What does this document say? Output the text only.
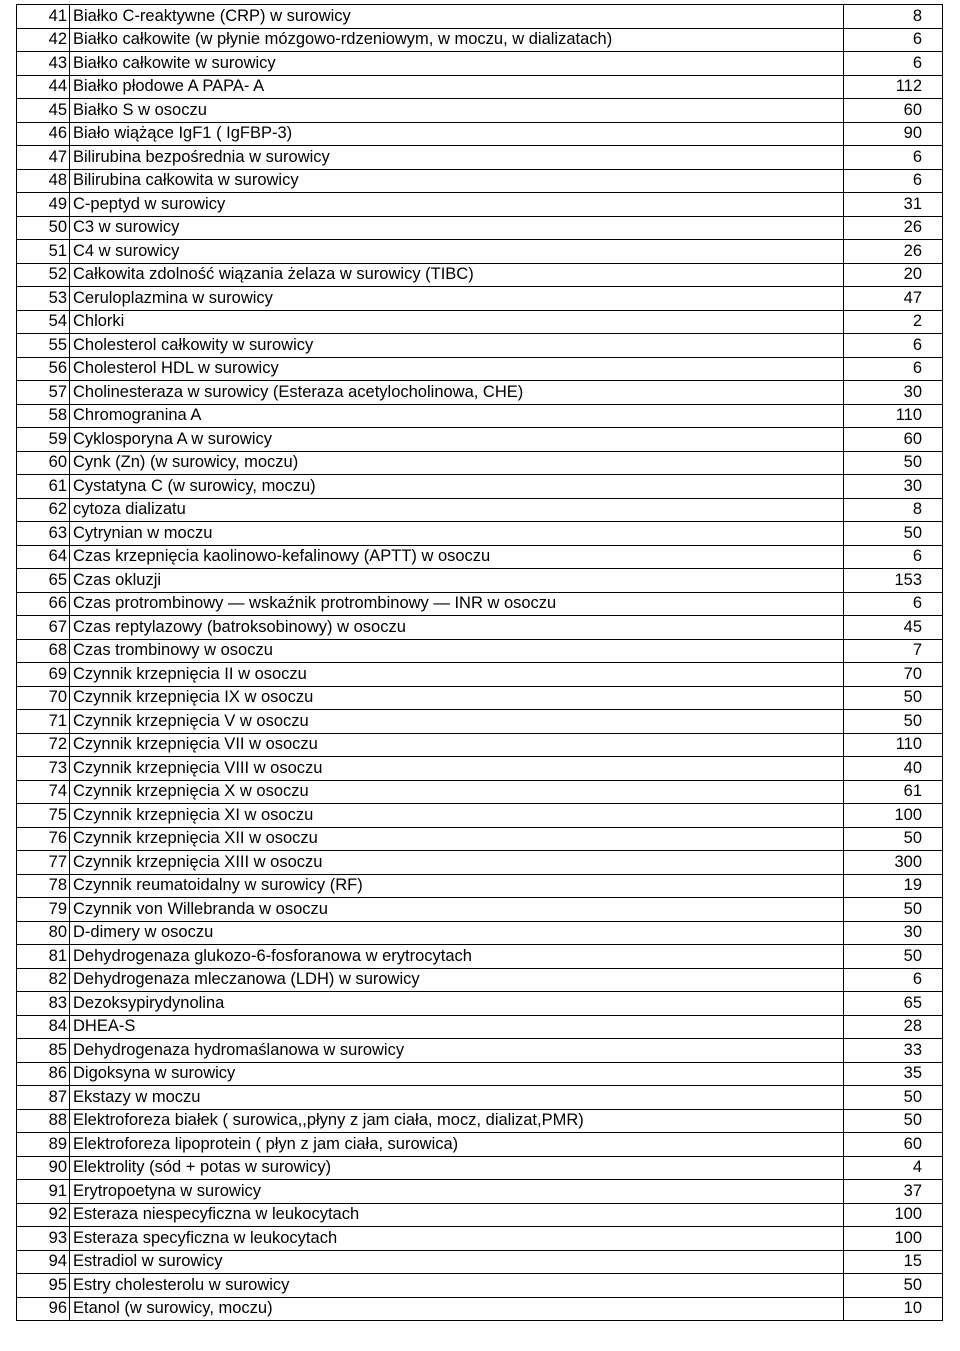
41	Białko C-reaktywne (CRP) w surowicy	8
42	Białko całkowite (w płynie mózgowo-rdzeniowym, w moczu, w dializatach)	6
43	Białko całkowite w surowicy	6
44	Białko płodowe A PAPA- A	112
45	Białko S w osoczu	60
46	Biało wiążące IgF1 ( IgFBP-3)	90
47	Bilirubina bezpośrednia w surowicy	6
48	Bilirubina całkowita w surowicy	6
49	C-peptyd w surowicy	31
50	C3 w surowicy	26
51	C4 w surowicy	26
52	Całkowita zdolność wiązania żelaza w surowicy (TIBC)	20
53	Ceruloplazmina w surowicy	47
54	Chlorki	2
55	Cholesterol całkowity w surowicy	6
56	Cholesterol HDL w surowicy	6
57	Cholinesteraza w surowicy (Esteraza acetylocholinowa, CHE)	30
58	Chromogranina A	110
59	Cyklosporyna A w surowicy	60
60	Cynk (Zn) (w surowicy, moczu)	50
61	Cystatyna C (w surowicy, moczu)	30
62	cytoza dializatu	8
63	Cytrynian w moczu	50
64	Czas krzepnięcia kaolinowo-kefalinowy (APTT) w osoczu	6
65	Czas okluzji	153
66	Czas protrombinowy — wskaźnik protrombinowy — INR w osoczu	6
67	Czas reptylazowy (batroksobinowy) w osoczu	45
68	Czas trombinowy w osoczu	7
69	Czynnik krzepnięcia II w osoczu	70
70	Czynnik krzepnięcia IX w osoczu	50
71	Czynnik krzepnięcia V w osoczu	50
72	Czynnik krzepnięcia VII w osoczu	110
73	Czynnik krzepnięcia VIII w osoczu	40
74	Czynnik krzepnięcia X w osoczu	61
75	Czynnik krzepnięcia XI w osoczu	100
76	Czynnik krzepnięcia XII w osoczu	50
77	Czynnik krzepnięcia XIII w osoczu	300
78	Czynnik reumatoidalny w surowicy (RF)	19
79	Czynnik von Willebranda w osoczu	50
80	D-dimery w osoczu	30
81	Dehydrogenaza glukozo-6-fosforanowa w erytrocytach	50
82	Dehydrogenaza mleczanowa (LDH) w surowicy	6
83	Dezoksypirydynolina	65
84	DHEA-S	28
85	Dehydrogenaza hydromaślanowa w surowicy	33
86	Digoksyna w surowicy	35
87	Ekstazy w moczu	50
88	Elektroforeza białek ( surowica,,płyny z jam ciała, mocz, dializat,PMR)	50
89	Elektroforeza lipoprotein ( płyn z jam ciała, surowica)	60
90	Elektrolity (sód + potas w surowicy)	4
91	Erytropoetyna w surowicy	37
92	Esteraza niespecyficzna w leukocytach	100
93	Esteraza specyficzna w leukocytach	100
94	Estradiol w surowicy	15
95	Estry cholesterolu w surowicy	50
96	Etanol (w surowicy, moczu)	10
